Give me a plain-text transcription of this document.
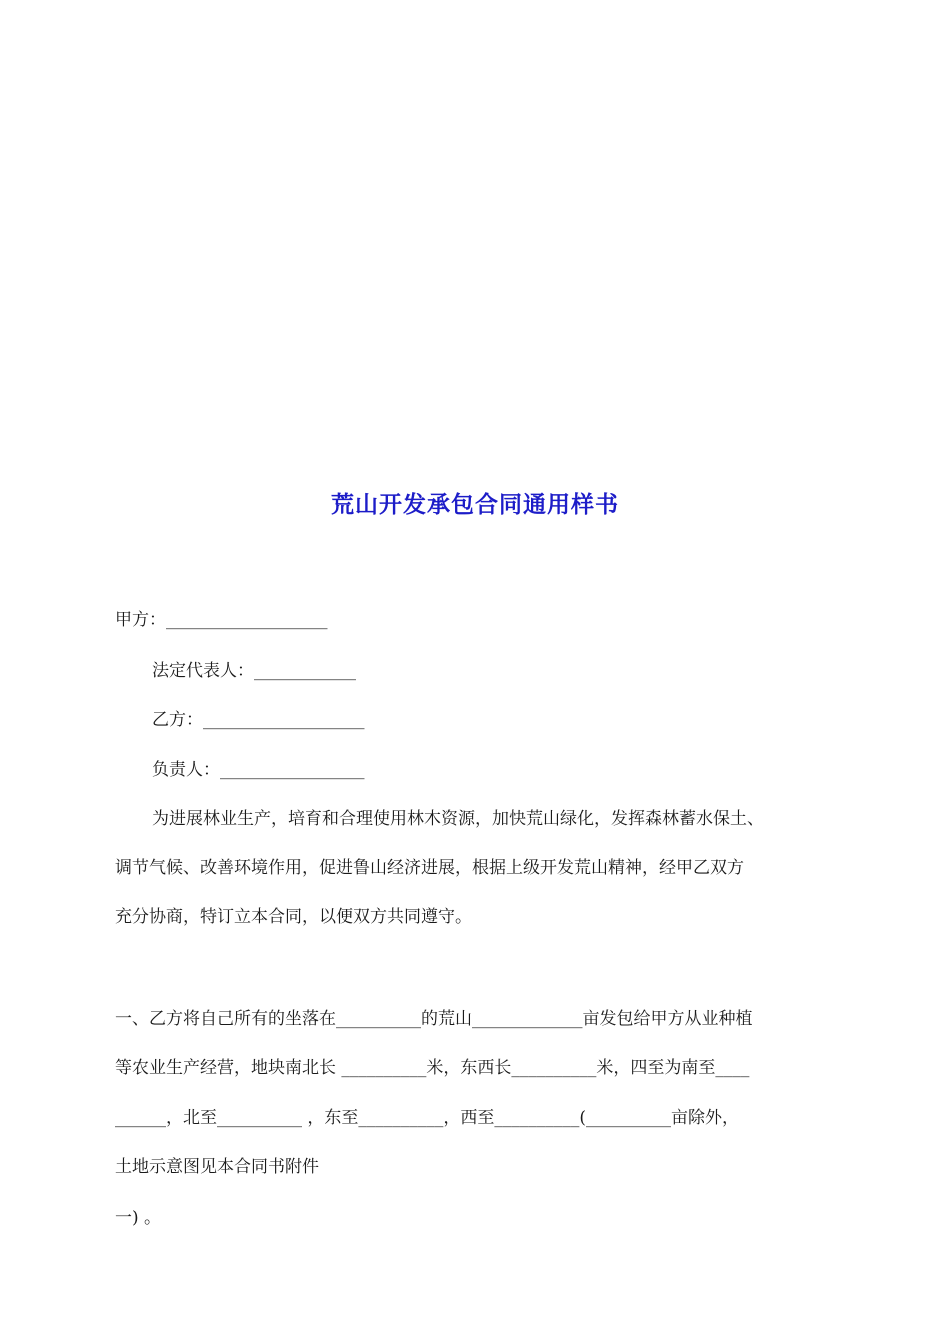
荒山开发承包合同通用样书
甲方：___________________
法定代表人：____________
乙方：___________________
负责人：_________________
为进展林业生产，培育和合理使用林木资源，加快荒山绿化，发挥森林蓄水保土、
调节气候、改善环境作用，促进鲁山经济进展，根据上级开发荒山精神，经甲乙双方
充分协商，特订立本合同，以便双方共同遵守。
一、乙方将自己所有的坐落在__________的荒山_____________亩发包给甲方从业种植
等农业生产经营，地块南北长 __________米，东西长__________米，四至为南至____
______，北至__________ ，东至__________，西至__________(__________亩除外，
土地示意图见本合同书附件
一) 。
